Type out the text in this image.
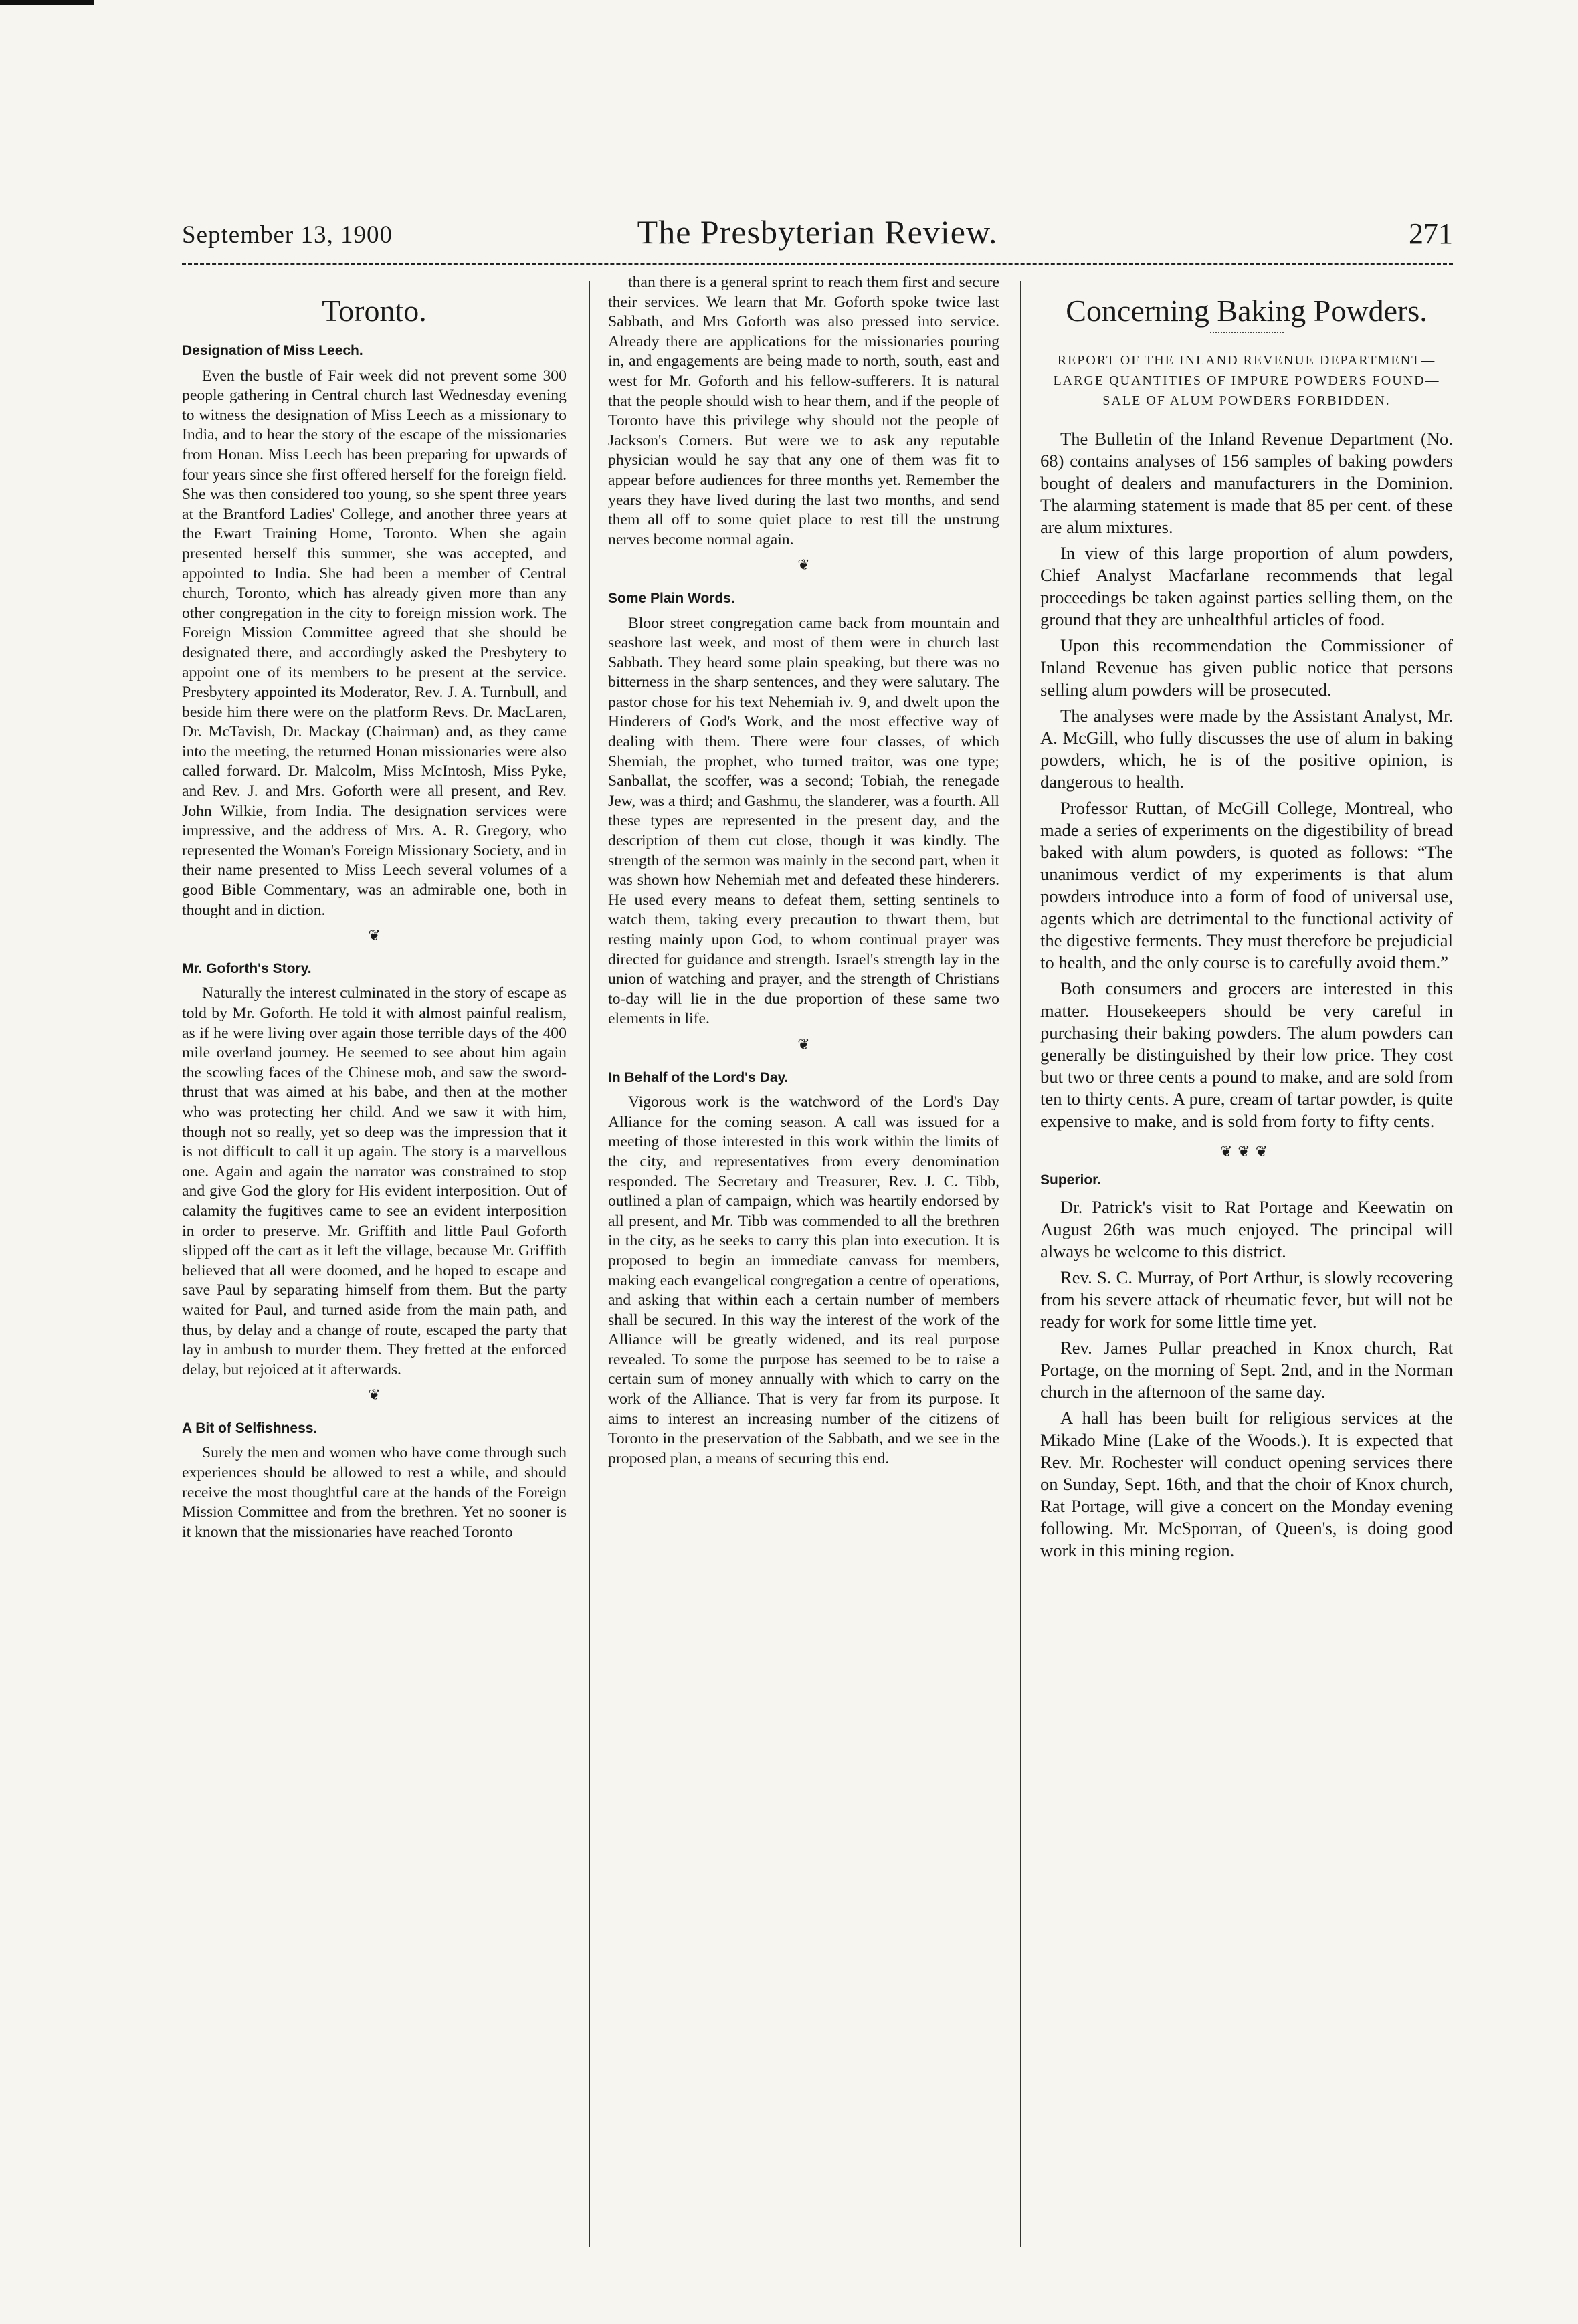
September 13, 1900	The Presbyterian Review.	271
Toronto.
Designation of Miss Leech.

Even the bustle of Fair week did not prevent some 300 people gathering in Central church last Wednesday evening to witness the designation of Miss Leech as a missionary to India, and to hear the story of the escape of the missionaries from Honan. Miss Leech has been preparing for upwards of four years since she first offered herself for the foreign field. She was then considered too young, so she spent three years at the Brantford Ladies' College, and another three years at the Ewart Training Home, Toronto. When she again presented herself this summer, she was accepted, and appointed to India. She had been a member of Central church, Toronto, which has already given more than any other congregation in the city to foreign mission work. The Foreign Mission Committee agreed that she should be designated there, and accordingly asked the Presbytery to appoint one of its members to be present at the service. Presbytery appointed its Moderator, Rev. J. A. Turnbull, and beside him there were on the platform Revs. Dr. MacLaren, Dr. McTavish, Dr. Mackay (Chairman) and, as they came into the meeting, the returned Honan missionaries were also called forward. Dr. Malcolm, Miss McIntosh, Miss Pyke, and Rev. J. and Mrs. Goforth were all present, and Rev. John Wilkie, from India. The designation services were impressive, and the address of Mrs. A. R. Gregory, who represented the Woman's Foreign Missionary Society, and in their name presented to Miss Leech several volumes of a good Bible Commentary, was an admirable one, both in thought and in diction.

❦
Mr. Goforth's Story.

Naturally the interest culminated in the story of escape as told by Mr. Goforth. He told it with almost painful realism, as if he were living over again those terrible days of the 400 mile overland journey. He seemed to see about him again the scowling faces of the Chinese mob, and saw the sword-thrust that was aimed at his babe, and then at the mother who was protecting her child. And we saw it with him, though not so really, yet so deep was the impression that it is not difficult to call it up again. The story is a marvellous one. Again and again the narrator was constrained to stop and give God the glory for His evident interposition. Out of calamity the fugitives came to see an evident interposition in order to preserve. Mr. Griffith and little Paul Goforth slipped off the cart as it left the village, because Mr. Griffith believed that all were doomed, and he hoped to escape and save Paul by separating himself from them. But the party waited for Paul, and turned aside from the main path, and thus, by delay and a change of route, escaped the party that lay in ambush to murder them. They fretted at the enforced delay, but rejoiced at it afterwards.

❦
A Bit of Selfishness.

Surely the men and women who have come through such experiences should be allowed to rest a while, and should receive the most thoughtful care at the hands of the Foreign Mission Committee and from the brethren. Yet no sooner is it known that the missionaries have reached Toronto

than there is a general sprint to reach them first and secure their services. We learn that Mr. Goforth spoke twice last Sabbath, and Mrs Goforth was also pressed into service. Already there are applications for the missionaries pouring in, and engagements are being made to north, south, east and west for Mr. Goforth and his fellow-sufferers. It is natural that the people should wish to hear them, and if the people of Toronto have this privilege why should not the people of Jackson's Corners. But were we to ask any reputable physician would he say that any one of them was fit to appear before audiences for three months yet. Remember the years they have lived during the last two months, and send them all off to some quiet place to rest till the unstrung nerves become normal again.

❦
Some Plain Words.

Bloor street congregation came back from mountain and seashore last week, and most of them were in church last Sabbath. They heard some plain speaking, but there was no bitterness in the sharp sentences, and they were salutary. The pastor chose for his text Nehemiah iv. 9, and dwelt upon the Hinderers of God's Work, and the most effective way of dealing with them. There were four classes, of which Shemiah, the prophet, who turned traitor, was one type; Sanballat, the scoffer, was a second; Tobiah, the renegade Jew, was a third; and Gashmu, the slanderer, was a fourth. All these types are represented in the present day, and the description of them cut close, though it was kindly. The strength of the sermon was mainly in the second part, when it was shown how Nehemiah met and defeated these hinderers. He used every means to defeat them, setting sentinels to watch them, taking every precaution to thwart them, but resting mainly upon God, to whom continual prayer was directed for guidance and strength. Israel's strength lay in the union of watching and prayer, and the strength of Christians to-day will lie in the due proportion of these same two elements in life.

❦
In Behalf of the Lord's Day.

Vigorous work is the watchword of the Lord's Day Alliance for the coming season. A call was issued for a meeting of those interested in this work within the limits of the city, and representatives from every denomination responded. The Secretary and Treasurer, Rev. J. C. Tibb, outlined a plan of campaign, which was heartily endorsed by all present, and Mr. Tibb was commended to all the brethren in the city, as he seeks to carry this plan into execution. It is proposed to begin an immediate canvass for members, making each evangelical congregation a centre of operations, and asking that within each a certain number of members shall be secured. In this way the interest of the work of the Alliance will be greatly widened, and its real purpose revealed. To some the purpose has seemed to be to raise a certain sum of money annually with which to carry on the work of the Alliance. That is very far from its purpose. It aims to interest an increasing number of the citizens of Toronto in the preservation of the Sabbath, and we see in the proposed plan, a means of securing this end.

Concerning Baking Powders.
REPORT OF THE INLAND REVENUE DEPARTMENT—LARGE QUANTITIES OF IMPURE POWDERS FOUND—SALE OF ALUM POWDERS FORBIDDEN.

The Bulletin of the Inland Revenue Department (No. 68) contains analyses of 156 samples of baking powders bought of dealers and manufacturers in the Dominion. The alarming statement is made that 85 per cent. of these are alum mixtures.

In view of this large proportion of alum powders, Chief Analyst Macfarlane recommends that legal proceedings be taken against parties selling them, on the ground that they are unhealthful articles of food.

Upon this recommendation the Commissioner of Inland Revenue has given public notice that persons selling alum powders will be prosecuted.

The analyses were made by the Assistant Analyst, Mr. A. McGill, who fully discusses the use of alum in baking powders, which, he is of the positive opinion, is dangerous to health.

Professor Ruttan, of McGill College, Montreal, who made a series of experiments on the digestibility of bread baked with alum powders, is quoted as follows: “The unanimous verdict of my experiments is that alum powders introduce into a form of food of universal use, agents which are detrimental to the functional activity of the digestive ferments. They must therefore be prejudicial to health, and the only course is to carefully avoid them.”

Both consumers and grocers are interested in this matter. Housekeepers should be very careful in purchasing their baking powders. The alum powders can generally be distinguished by their low price. They cost but two or three cents a pound to make, and are sold from ten to thirty cents. A pure, cream of tartar powder, is quite expensive to make, and is sold from forty to fifty cents.

❦❦❦
Superior.

Dr. Patrick's visit to Rat Portage and Keewatin on August 26th was much enjoyed. The principal will always be welcome to this district.

Rev. S. C. Murray, of Port Arthur, is slowly recovering from his severe attack of rheumatic fever, but will not be ready for work for some little time yet.

Rev. James Pullar preached in Knox church, Rat Portage, on the morning of Sept. 2nd, and in the Norman church in the afternoon of the same day.

A hall has been built for religious services at the Mikado Mine (Lake of the Woods.). It is expected that Rev. Mr. Rochester will conduct opening services there on Sunday, Sept. 16th, and that the choir of Knox church, Rat Portage, will give a concert on the Monday evening following. Mr. McSporran, of Queen's, is doing good work in this mining region.
